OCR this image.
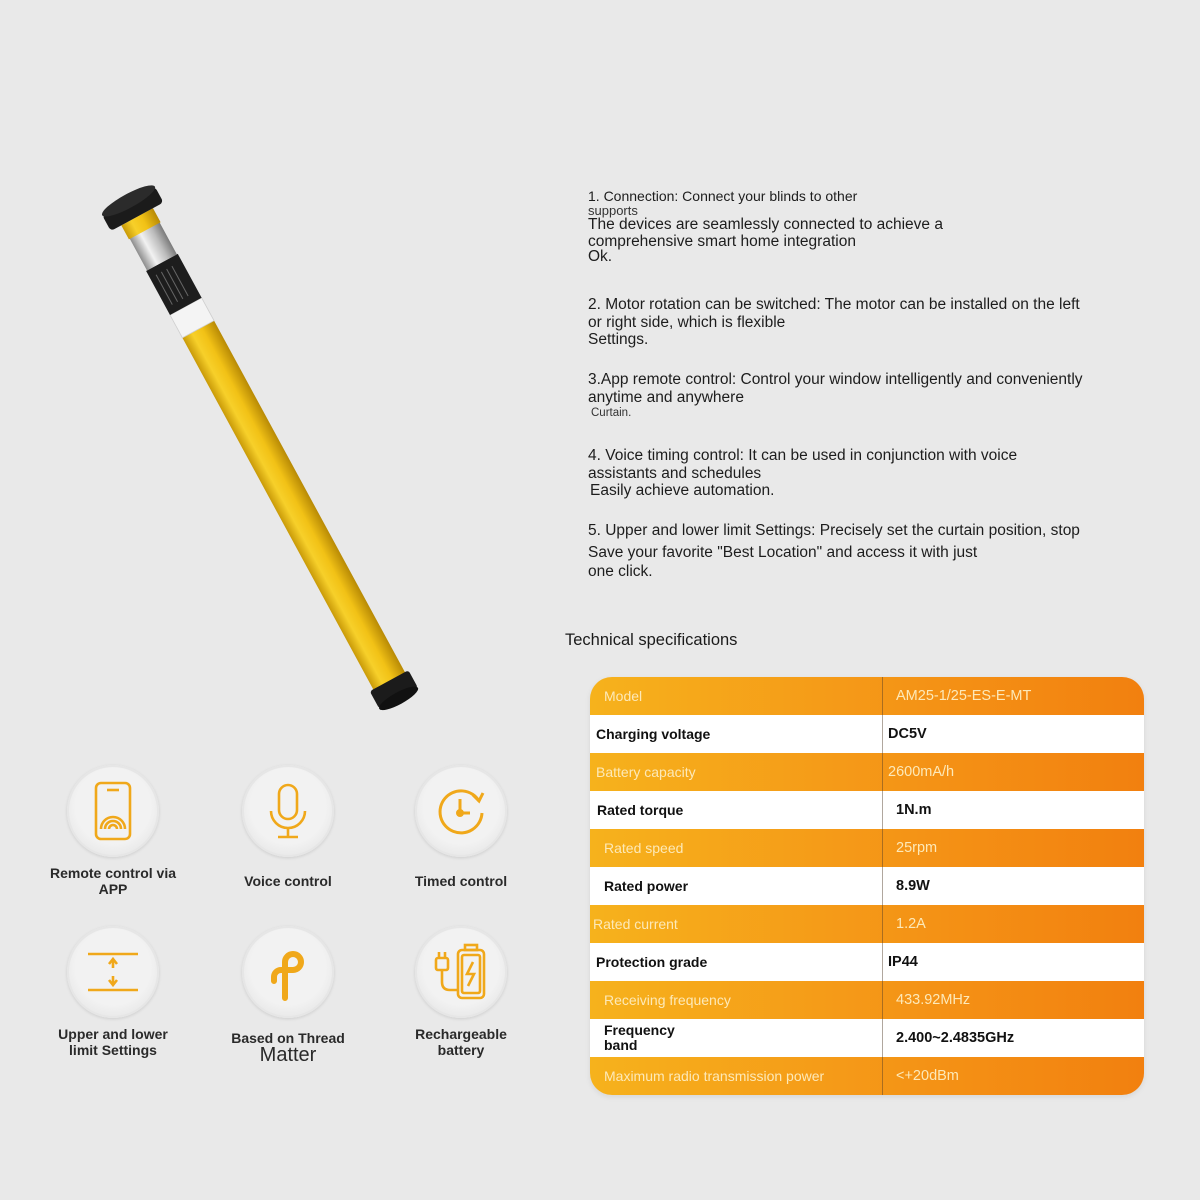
1. Connection: Connect your blinds to other
supports
The devices are seamlessly connected to achieve a
comprehensive smart home integration
Ok.
2. Motor rotation can be switched: The motor can be installed on the left
or right side, which is flexible
Settings.
3.App remote control: Control your window intelligently and conveniently
anytime and anywhere
Curtain.
4. Voice timing control: It can be used in conjunction with voice
assistants and schedules
Easily achieve automation.
5. Upper and lower limit Settings: Precisely set the curtain position, stop
Save your favorite "Best Location" and access it with just
one click.
Technical specifications
Model	AM25-1/25-ES-E-MT
Charging voltage	DC5V
Battery capacity	2600mA/h
Rated torque	1N.m
Rated speed	25rpm
Rated power	8.9W
Rated current	1.2A
Protection grade	IP44
Receiving frequency	433.92MHz
Frequency band	2.400~2.4835GHz
Maximum radio transmission power	<+20dBm
Remote control via
APP	Voice control	Timed control
Upper and lower
limit Settings
Based on Thread
Matter
Rechargeable
battery
